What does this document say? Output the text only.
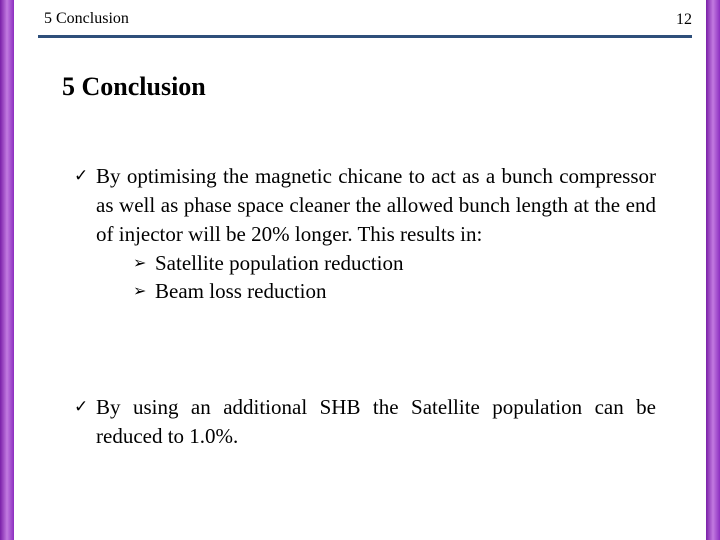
5 Conclusion	12
5 Conclusion
✓ By optimising the magnetic chicane to act as a bunch compressor as well as phase space cleaner the allowed bunch length at the end of injector will be 20% longer. This results in:
➢ Satellite population reduction
➢ Beam loss reduction
✓ By using an additional SHB the Satellite population can be reduced to 1.0%.
